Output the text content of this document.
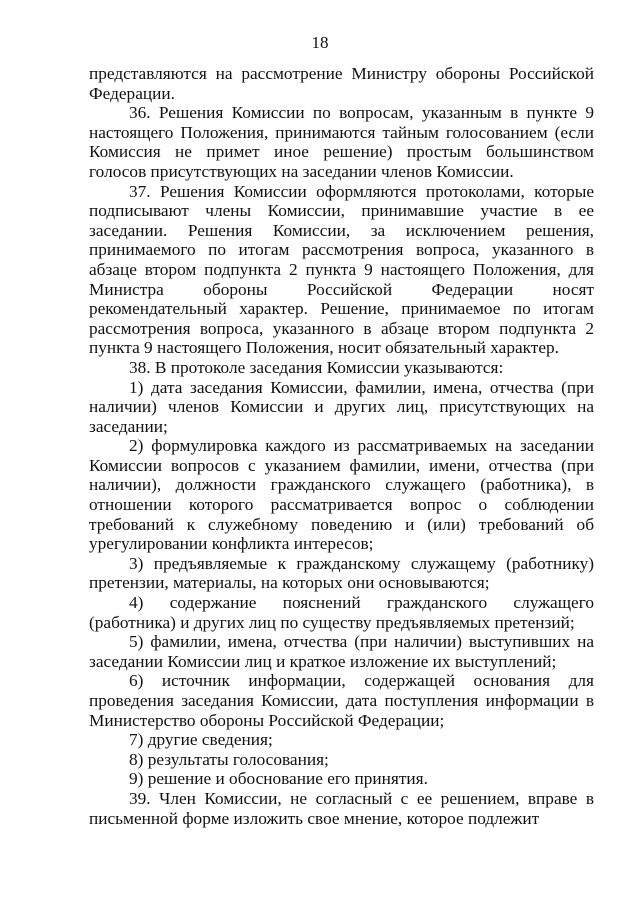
18

представляются на рассмотрение Министру обороны Российской Федерации.

36. Решения Комиссии по вопросам, указанным в пункте 9 настоящего Положения, принимаются тайным голосованием (если Комиссия не примет иное решение) простым большинством голосов присутствующих на заседании членов Комиссии.

37. Решения Комиссии оформляются протоколами, которые подписывают члены Комиссии, принимавшие участие в ее заседании. Решения Комиссии, за исключением решения, принимаемого по итогам рассмотрения вопроса, указанного в абзаце втором подпункта 2 пункта 9 настоящего Положения, для Министра обороны Российской Федерации носят рекомендательный характер. Решение, принимаемое по итогам рассмотрения вопроса, указанного в абзаце втором подпункта 2 пункта 9 настоящего Положения, носит обязательный характер.

38. В протоколе заседания Комиссии указываются:

1) дата заседания Комиссии, фамилии, имена, отчества (при наличии) членов Комиссии и других лиц, присутствующих на заседании;

2) формулировка каждого из рассматриваемых на заседании Комиссии вопросов с указанием фамилии, имени, отчества (при наличии), должности гражданского служащего (работника), в отношении которого рассматривается вопрос о соблюдении требований к служебному поведению и (или) требований об урегулировании конфликта интересов;

3) предъявляемые к гражданскому служащему (работнику) претензии, материалы, на которых они основываются;

4) содержание пояснений гражданского служащего (работника) и других лиц по существу предъявляемых претензий;

5) фамилии, имена, отчества (при наличии) выступивших на заседании Комиссии лиц и краткое изложение их выступлений;

6) источник информации, содержащей основания для проведения заседания Комиссии, дата поступления информации в Министерство обороны Российской Федерации;

7) другие сведения;

8) результаты голосования;

9) решение и обоснование его принятия.

39. Член Комиссии, не согласный с ее решением, вправе в письменной форме изложить свое мнение, которое подлежит
